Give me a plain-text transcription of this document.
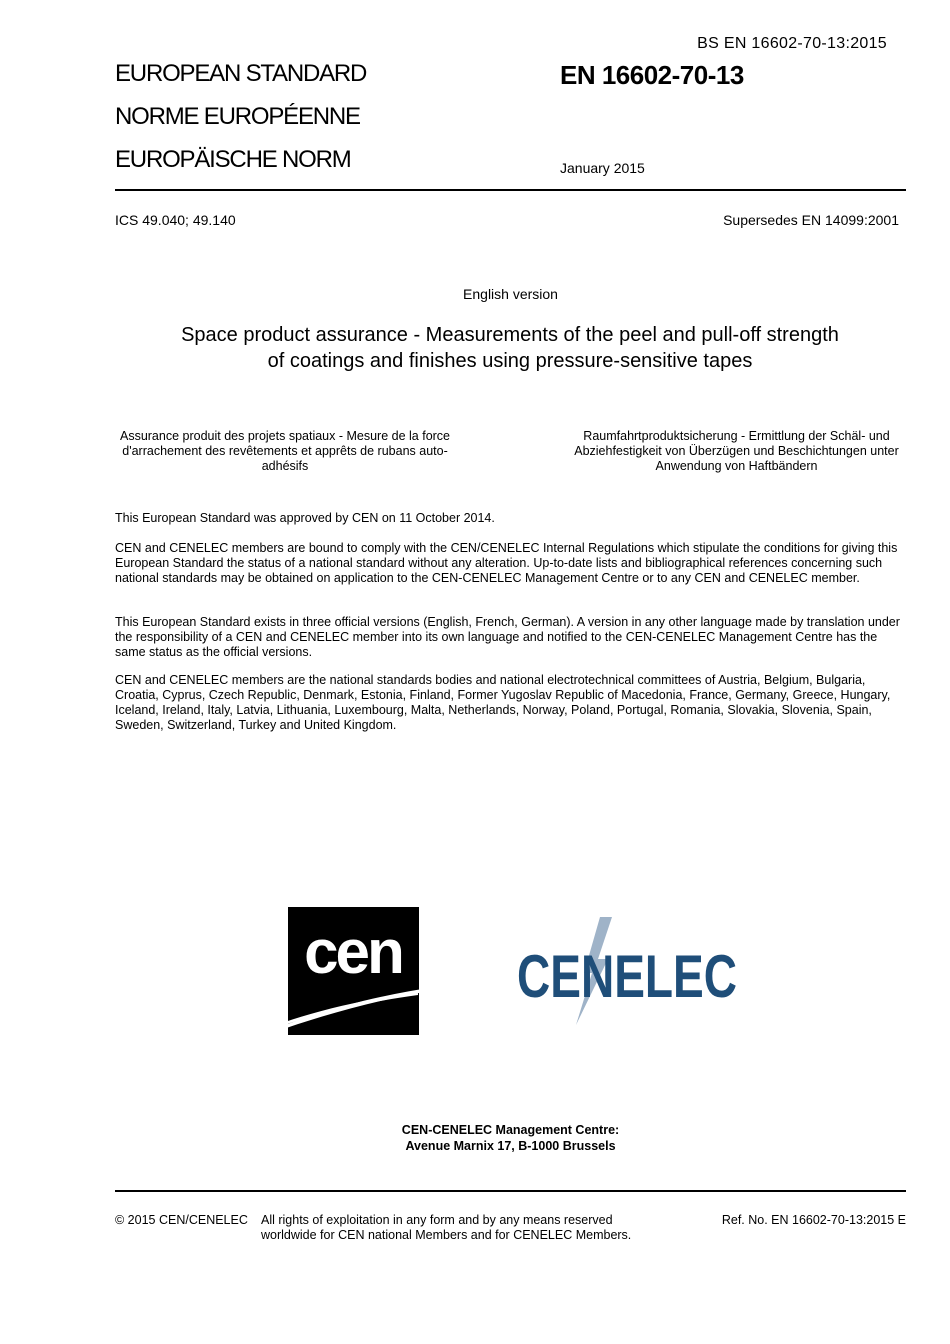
BS EN 16602-70-13:2015
EUROPEAN STANDARD
NORME EUROPÉENNE
EUROPÄISCHE NORM
EN 16602-70-13
January 2015
ICS 49.040; 49.140	Supersedes EN 14099:2001
English version
Space product assurance - Measurements of the peel and pull-off strength of coatings and finishes using pressure-sensitive tapes
Assurance produit des projets spatiaux - Mesure de la force d'arrachement des revêtements et apprêts de rubans auto-adhésifs
Raumfahrtproduktsicherung - Ermittlung der Schäl- und Abziehfestigkeit von Überzügen und Beschichtungen unter Anwendung von Haftbändern

This European Standard was approved by CEN on 11 October 2014.

CEN and CENELEC members are bound to comply with the CEN/CENELEC Internal Regulations which stipulate the conditions for giving this European Standard the status of a national standard without any alteration. Up-to-date lists and bibliographical references concerning such national standards may be obtained on application to the CEN-CENELEC Management Centre or to any CEN and CENELEC member.

This European Standard exists in three official versions (English, French, German). A version in any other language made by translation under the responsibility of a CEN and CENELEC member into its own language and notified to the CEN-CENELEC Management Centre has the same status as the official versions.

CEN and CENELEC members are the national standards bodies and national electrotechnical committees of Austria, Belgium, Bulgaria, Croatia, Cyprus, Czech Republic, Denmark, Estonia, Finland, Former Yugoslav Republic of Macedonia, France, Germany, Greece, Hungary, Iceland, Ireland, Italy, Latvia, Lithuania, Luxembourg, Malta, Netherlands, Norway, Poland, Portugal, Romania, Slovakia, Slovenia, Spain, Sweden, Switzerland, Turkey and United Kingdom.

cen CENELEC
CEN-CENELEC Management Centre:
Avenue Marnix 17, B-1000 Brussels
© 2015 CEN/CENELEC All rights of exploitation in any form and by any means reserved worldwide for CEN national Members and for CENELEC Members.
Ref. No. EN 16602-70-13:2015 E
